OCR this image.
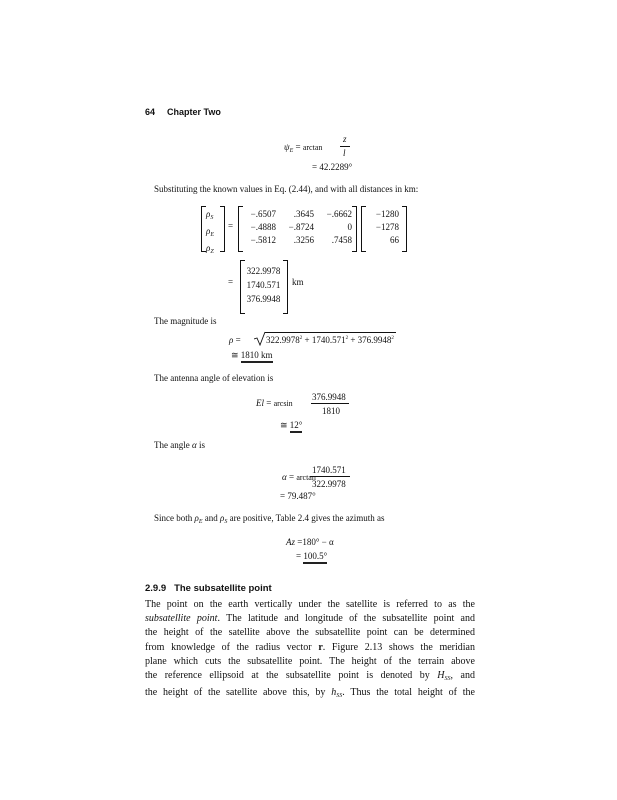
64 Chapter Two
$\psi_E = \arctan$
z
l
= 42.2289°
Substituting the known values in Eq. (2.44), and with all distances in km:
$\rho_S$
$\rho_E$
$\rho_Z$
=
−.6507
−.4888
−.5812
.3645
−.8724
.3256
−.6662
0
.7458
−1280
−1278
66
=
322.9978
1740.571
376.9948
km
The magnitude is
ρ =	$322.9978^2 + 1740.571^2 + 376.9948^2$
≅ 1810 km
The antenna angle of elevation is
El = arcsin
376.9948
1810
≅ 12°
The angle α is
α = arctan
1740.571
322.9978
= 79.487°
Since both $\rho_E$ and $\rho_S$ are positive, Table 2.4 gives the azimuth as
Az =180° − α
= 100.5°
2.9.9 The subsatellite point
The point on the earth vertically under the satellite is referred to as the
subsatellite point. The latitude and longitude of the subsatellite point and
the height of the satellite above the subsatellite point can be determined
from knowledge of the radius vector r. Figure 2.13 shows the meridian
plane which cuts the subsatellite point. The height of the terrain above
the reference ellipsoid at the subsatellite point is denoted by $H_{SS}$, and
the height of the satellite above this, by $h_{SS}$. Thus the total height of the
